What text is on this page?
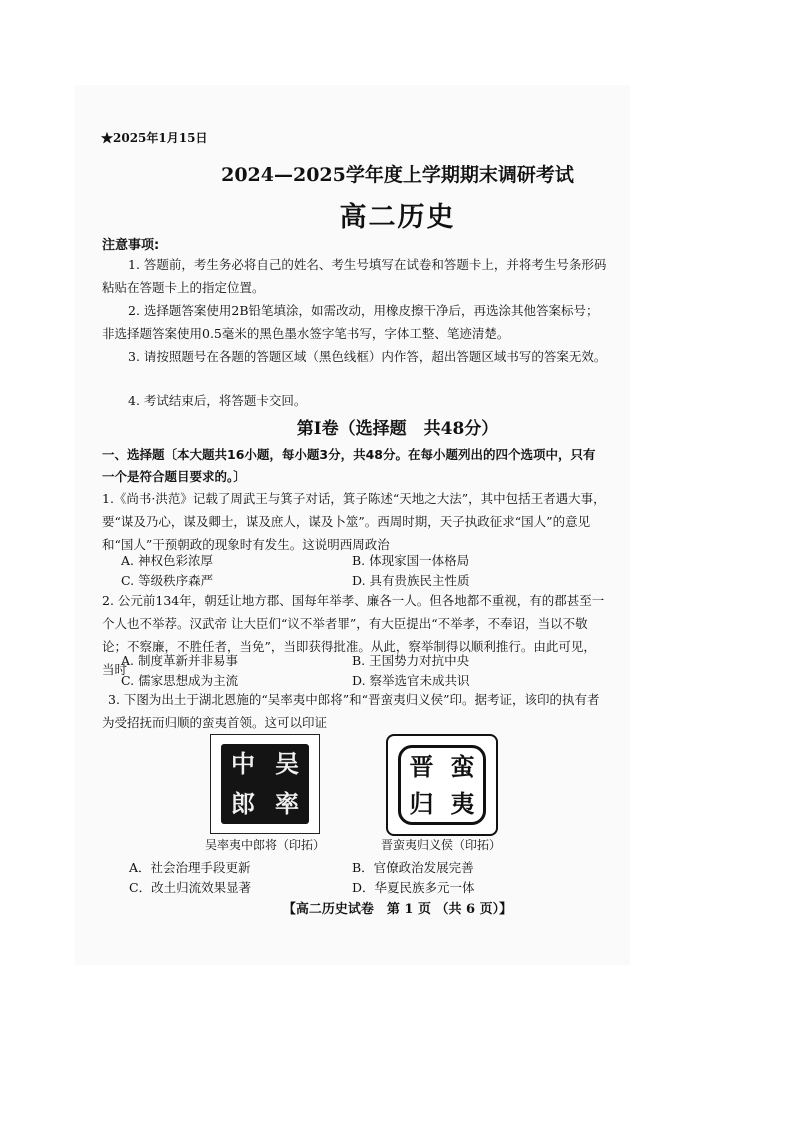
★2025年1月15日
2024—2025学年度上学期期末调研考试
高二历史
注意事项:
1. 答题前，考生务必将自己的姓名、考生号填写在试卷和答题卡上，并将考生号条形码粘贴在答题卡上的指定位置。
2. 选择题答案使用2B铅笔填涂，如需改动，用橡皮擦干净后，再选涂其他答案标号；非选择题答案使用0.5毫米的黑色墨水签字笔书写，字体工整、笔迹清楚。
3. 请按照题号在各题的答题区域（黑色线框）内作答，超出答题区域书写的答案无效。
4. 考试结束后，将答题卡交回。
第Ⅰ卷（选择题　共48分）
一、选择题〔本大题共16小题，每小题3分，共48分。在每小题列出的四个选项中，只有一个是符合题目要求的。〕
1.《尚书·洪范》记载了周武王与箕子对话，箕子陈述“天地之大法”，其中包括王者遇大事，要“谋及乃心，谋及卿士，谋及庶人，谋及卜筮”。西周时期，天子执政征求“国人”的意见和“国人”干预朝政的现象时有发生。这说明西周政治
A. 神权色彩浓厚	B. 体现家国一体格局
C. 等级秩序森严	D. 具有贵族民主性质
2. 公元前134年，朝廷让地方郡、国每年举孝、廉各一人。但各地都不重视，有的郡甚至一个人也不举荐。汉武帝 让大臣们“议不举者罪”，有大臣提出“不举孝，不奉诏，当以不敬论；不察廉，不胜任者，当免”，当即获得批准。从此，察举制得以顺利推行。由此可见，当时
A. 制度革新并非易事	B. 王国势力对抗中央
C. 儒家思想成为主流	D. 察举选官未成共识
3. 下图为出土于湖北恩施的“吴率夷中郎将”和“晋蛮夷归义侯”印。据考证，该印的执有者为受招抚而归顺的蛮夷首领。这可以印证
中 吴
郎 率
晋 蛮
归 夷
吴率夷中郎将（印拓）	晋蛮夷归义侯（印拓）
A．社会治理手段更新	B．官僚政治发展完善
C．改土归流效果显著	D．华夏民族多元一体
【高二历史试卷　第 1 页 （共 6 页）】
